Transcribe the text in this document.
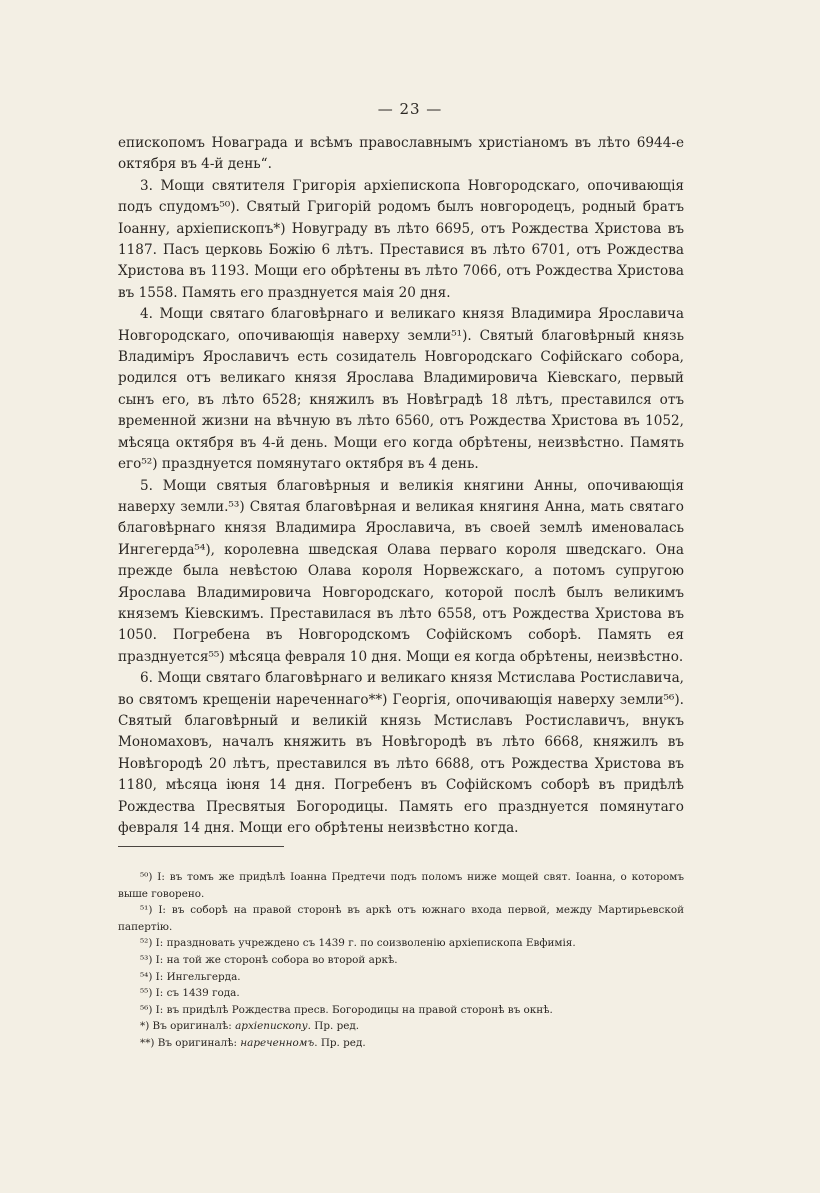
— 23 —

епископомъ Новаграда и всѣмъ православнымъ христіаномъ въ лѣто 6944-е октября въ 4-й день“.

3. Мощи святителя Григорія архіепископа Новгородскаго, опочивающія подъ спудомъ⁵⁰). Святый Григорій родомъ былъ новгородецъ, родный братъ Іоанну, архіепископъ*) Новуграду въ лѣто 6695, отъ Рождества Христова въ 1187. Пасъ церковь Божію 6 лѣтъ. Преставися въ лѣто 6701, отъ Рождества Христова въ 1193. Мощи его обрѣтены въ лѣто 7066, отъ Рождества Христова въ 1558. Память его празднуется маія 20 дня.

4. Мощи святаго благовѣрнаго и великаго князя Владимира Ярославича Новгородскаго, опочивающія наверху земли⁵¹). Святый благовѣрный князь Владиміръ Ярославичъ есть созидатель Новгородскаго Софійскаго собора, родился отъ великаго князя Ярослава Владимировича Кіевскаго, первый сынъ его, въ лѣто 6528; княжилъ въ Новѣградѣ 18 лѣтъ, преставился отъ временной жизни на вѣчную въ лѣто 6560, отъ Рождества Христова въ 1052, мѣсяца октября въ 4-й день. Мощи его когда обрѣтены, неизвѣстно. Память его⁵²) празднуется помянутаго октября въ 4 день.

5. Мощи святыя благовѣрныя и великія княгини Анны, опочивающія наверху земли.⁵³) Святая благовѣрная и великая княгиня Анна, мать святаго благовѣрнаго князя Владимира Ярославича, въ своей землѣ именовалась Ингегерда⁵⁴), королевна шведская Олава перваго короля шведскаго. Она прежде была невѣстою Олава короля Норвежскаго, а потомъ супругою Ярослава Владимировича Новгородскаго, которой послѣ былъ великимъ княземъ Кіевскимъ. Преставилася въ лѣто 6558, отъ Рождества Христова въ 1050. Погребена въ Новгородскомъ Софійскомъ соборѣ. Память ея празднуется⁵⁵) мѣсяца февраля 10 дня. Мощи ея когда обрѣтены, неизвѣстно.

6. Мощи святаго благовѣрнаго и великаго князя Мстислава Ростиславича, во святомъ крещеніи нареченнаго**) Георгія, опочивающія наверху земли⁵⁶). Святый благовѣрный и великій князь Мстиславъ Ростиславичъ, внукъ Мономаховъ, началъ княжить въ Новѣгородѣ въ лѣто 6668, княжилъ въ Новѣгородѣ 20 лѣтъ, преставился въ лѣто 6688, отъ Рождества Христова въ 1180, мѣсяца іюня 14 дня. Погребенъ въ Софійскомъ соборѣ въ придѣлѣ Рождества Пресвятыя Богородицы. Память его празднуется помянутаго февраля 14 дня. Мощи его обрѣтены неизвѣстно когда.

⁵⁰) I: въ томъ же придѣлѣ Іоанна Предтечи подъ поломъ ниже мощей свят. Іоанна, о которомъ выше говорено.

⁵¹) I: въ соборѣ на правой сторонѣ въ аркѣ отъ южнаго входа первой, между Мартирьевской папертію.

⁵²) I: праздновать учреждено съ 1439 г. по соизволенію архіепископа Евфимія.

⁵³) I: на той же сторонѣ собора во второй аркѣ.

⁵⁴) I: Ингельгерда.

⁵⁵) I: съ 1439 года.

⁵⁶) I: въ придѣлѣ Рождества пресв. Богородицы на правой сторонѣ въ окнѣ.

*) Въ оригиналѣ: архіепископу. Пр. ред.

**) Въ оригиналѣ: нареченномъ. Пр. ред.
